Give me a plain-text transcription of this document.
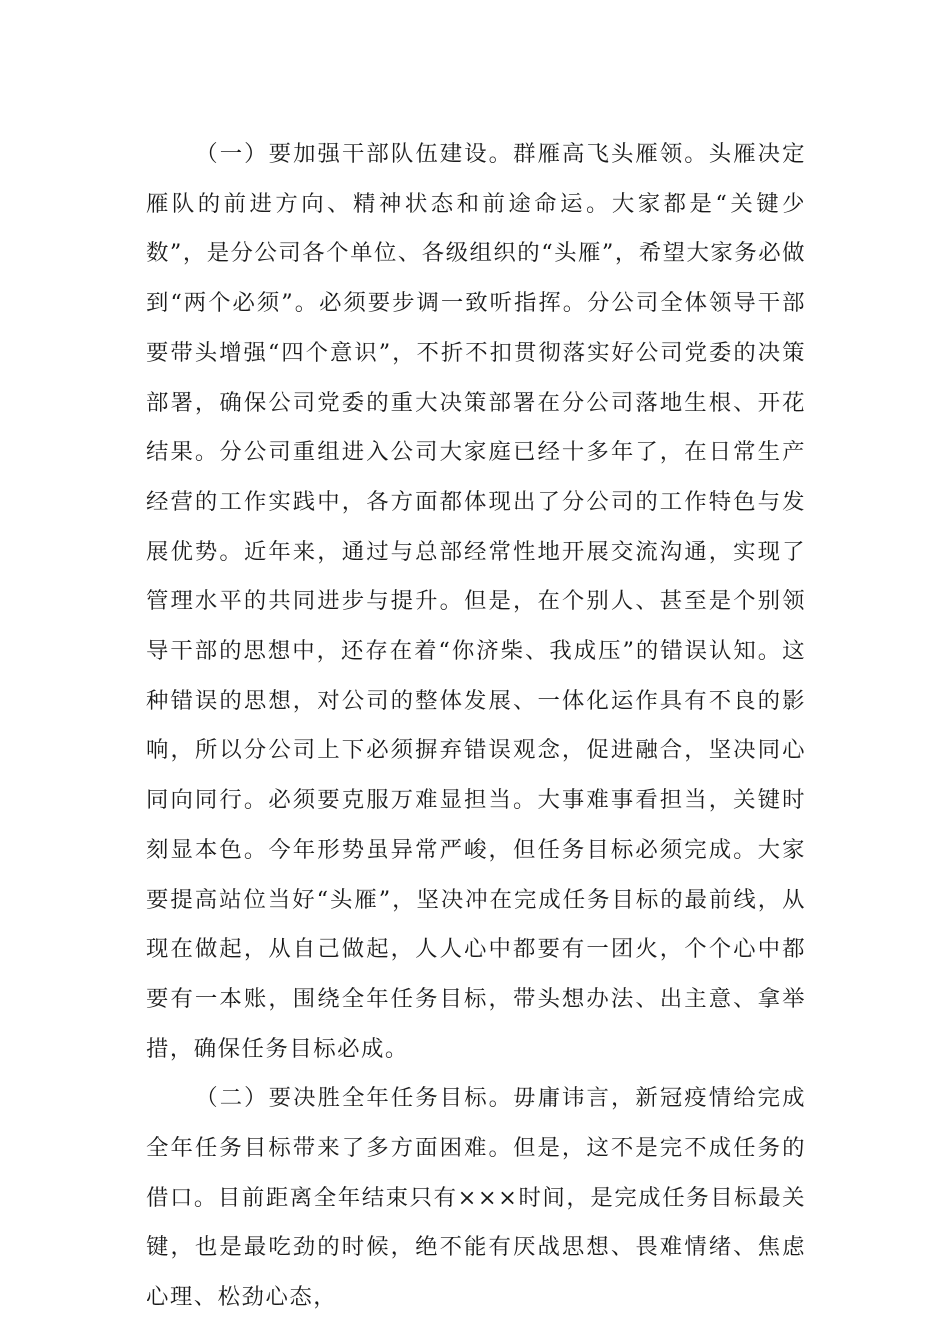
（一）要加强干部队伍建设。群雁高飞头雁领。头雁决定雁队的前进方向、精神状态和前途命运。大家都是“关键少数”，是分公司各个单位、各级组织的“头雁”，希望大家务必做到“两个必须”。必须要步调一致听指挥。分公司全体领导干部要带头增强“四个意识”，不折不扣贯彻落实好公司党委的决策部署，确保公司党委的重大决策部署在分公司落地生根、开花结果。分公司重组进入公司大家庭已经十多年了，在日常生产经营的工作实践中，各方面都体现出了分公司的工作特色与发展优势。近年来，通过与总部经常性地开展交流沟通，实现了管理水平的共同进步与提升。但是，在个别人、甚至是个别领导干部的思想中，还存在着“你济柴、我成压”的错误认知。这种错误的思想，对公司的整体发展、一体化运作具有不良的影响，所以分公司上下必须摒弃错误观念，促进融合，坚决同心同向同行。必须要克服万难显担当。大事难事看担当，关键时刻显本色。今年形势虽异常严峻，但任务目标必须完成。大家要提高站位当好“头雁”，坚决冲在完成任务目标的最前线，从现在做起，从自己做起，人人心中都要有一团火，个个心中都要有一本账，围绕全年任务目标，带头想办法、出主意、拿举措，确保任务目标必成。

（二）要决胜全年任务目标。毋庸讳言，新冠疫情给完成全年任务目标带来了多方面困难。但是，这不是完不成任务的借口。目前距离全年结束只有×××时间，是完成任务目标最关键，也是最吃劲的时候，绝不能有厌战思想、畏难情绪、焦虑心理、松劲心态，
